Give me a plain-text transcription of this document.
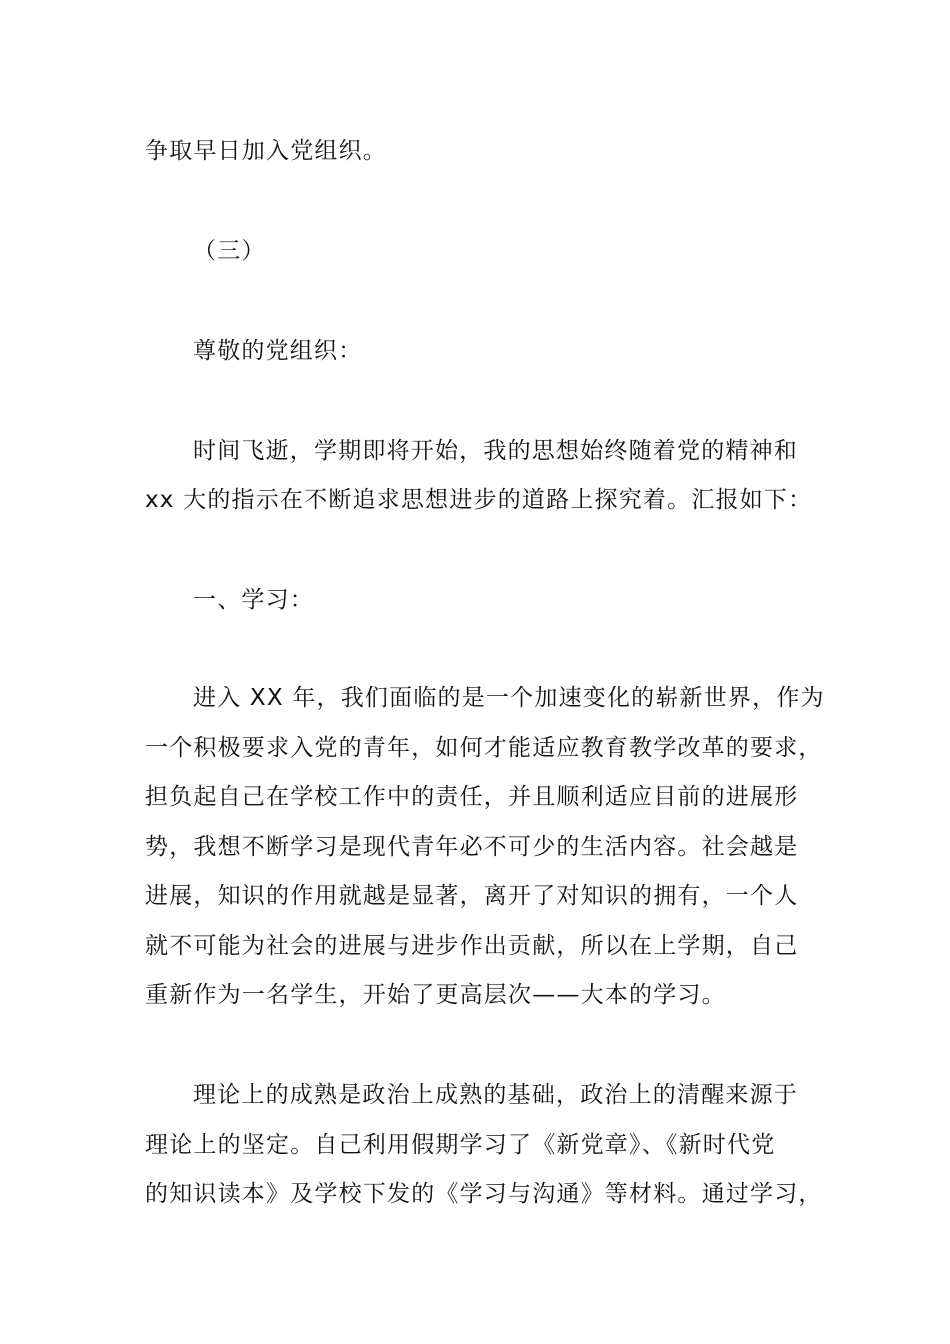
争取早日加入党组织。
（三）
尊敬的党组织：
时间飞逝，学期即将开始，我的思想始终随着党的精神和
xx 大的指示在不断追求思想进步的道路上探究着。汇报如下：
一、学习：
进入 XX 年，我们面临的是一个加速变化的崭新世界，作为
一个积极要求入党的青年，如何才能适应教育教学改革的要求，
担负起自己在学校工作中的责任，并且顺利适应目前的进展形
势，我想不断学习是现代青年必不可少的生活内容。社会越是
进展，知识的作用就越是显著，离开了对知识的拥有，一个人
就不可能为社会的进展与进步作出贡献，所以在上学期，自己
重新作为一名学生，开始了更高层次——大本的学习。
理论上的成熟是政治上成熟的基础，政治上的清醒来源于
理论上的坚定。自己利用假期学习了《新党章》、《新时代党
的知识读本》及学校下发的《学习与沟通》等材料。通过学习，
